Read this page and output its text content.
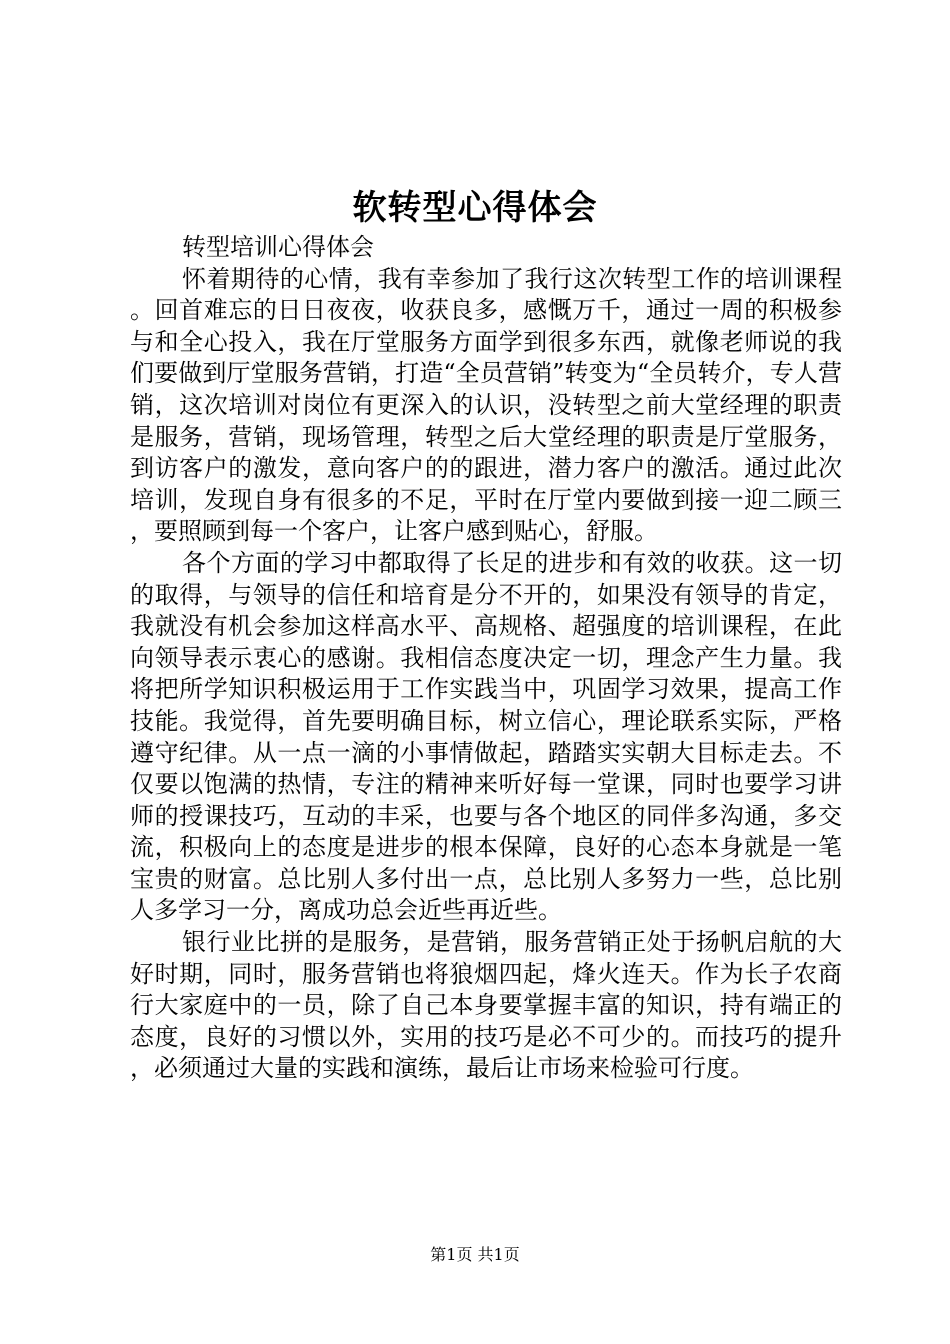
软转型心得体会

转型培训心得体会

怀着期待的心情，我有幸参加了我行这次转型工作的培训课程。回首难忘的日日夜夜，收获良多，感慨万千，通过一周的积极参与和全心投入，我在厅堂服务方面学到很多东西，就像老师说的我们要做到厅堂服务营销，打造“全员营销”转变为“全员转介，专人营销，这次培训对岗位有更深入的认识，没转型之前大堂经理的职责是服务，营销，现场管理，转型之后大堂经理的职责是厅堂服务，到访客户的激发，意向客户的的跟进，潜力客户的激活。通过此次培训，发现自身有很多的不足，平时在厅堂内要做到接一迎二顾三，要照顾到每一个客户，让客户感到贴心，舒服。

各个方面的学习中都取得了长足的进步和有效的收获。这一切的取得，与领导的信任和培育是分不开的，如果没有领导的肯定，我就没有机会参加这样高水平、高规格、超强度的培训课程，在此向领导表示衷心的感谢。我相信态度决定一切，理念产生力量。我将把所学知识积极运用于工作实践当中，巩固学习效果，提高工作技能。我觉得，首先要明确目标，树立信心，理论联系实际，严格遵守纪律。从一点一滴的小事情做起，踏踏实实朝大目标走去。不仅要以饱满的热情，专注的精神来听好每一堂课，同时也要学习讲师的授课技巧，互动的丰采，也要与各个地区的同伴多沟通，多交流，积极向上的态度是进步的根本保障，良好的心态本身就是一笔宝贵的财富。总比别人多付出一点，总比别人多努力一些，总比别人多学习一分，离成功总会近些再近些。

银行业比拼的是服务，是营销，服务营销正处于扬帆启航的大好时期，同时，服务营销也将狼烟四起，烽火连天。作为长子农商行大家庭中的一员，除了自己本身要掌握丰富的知识，持有端正的态度，良好的习惯以外，实用的技巧是必不可少的。而技巧的提升，必须通过大量的实践和演练，最后让市场来检验可行度。

第1页 共1页
